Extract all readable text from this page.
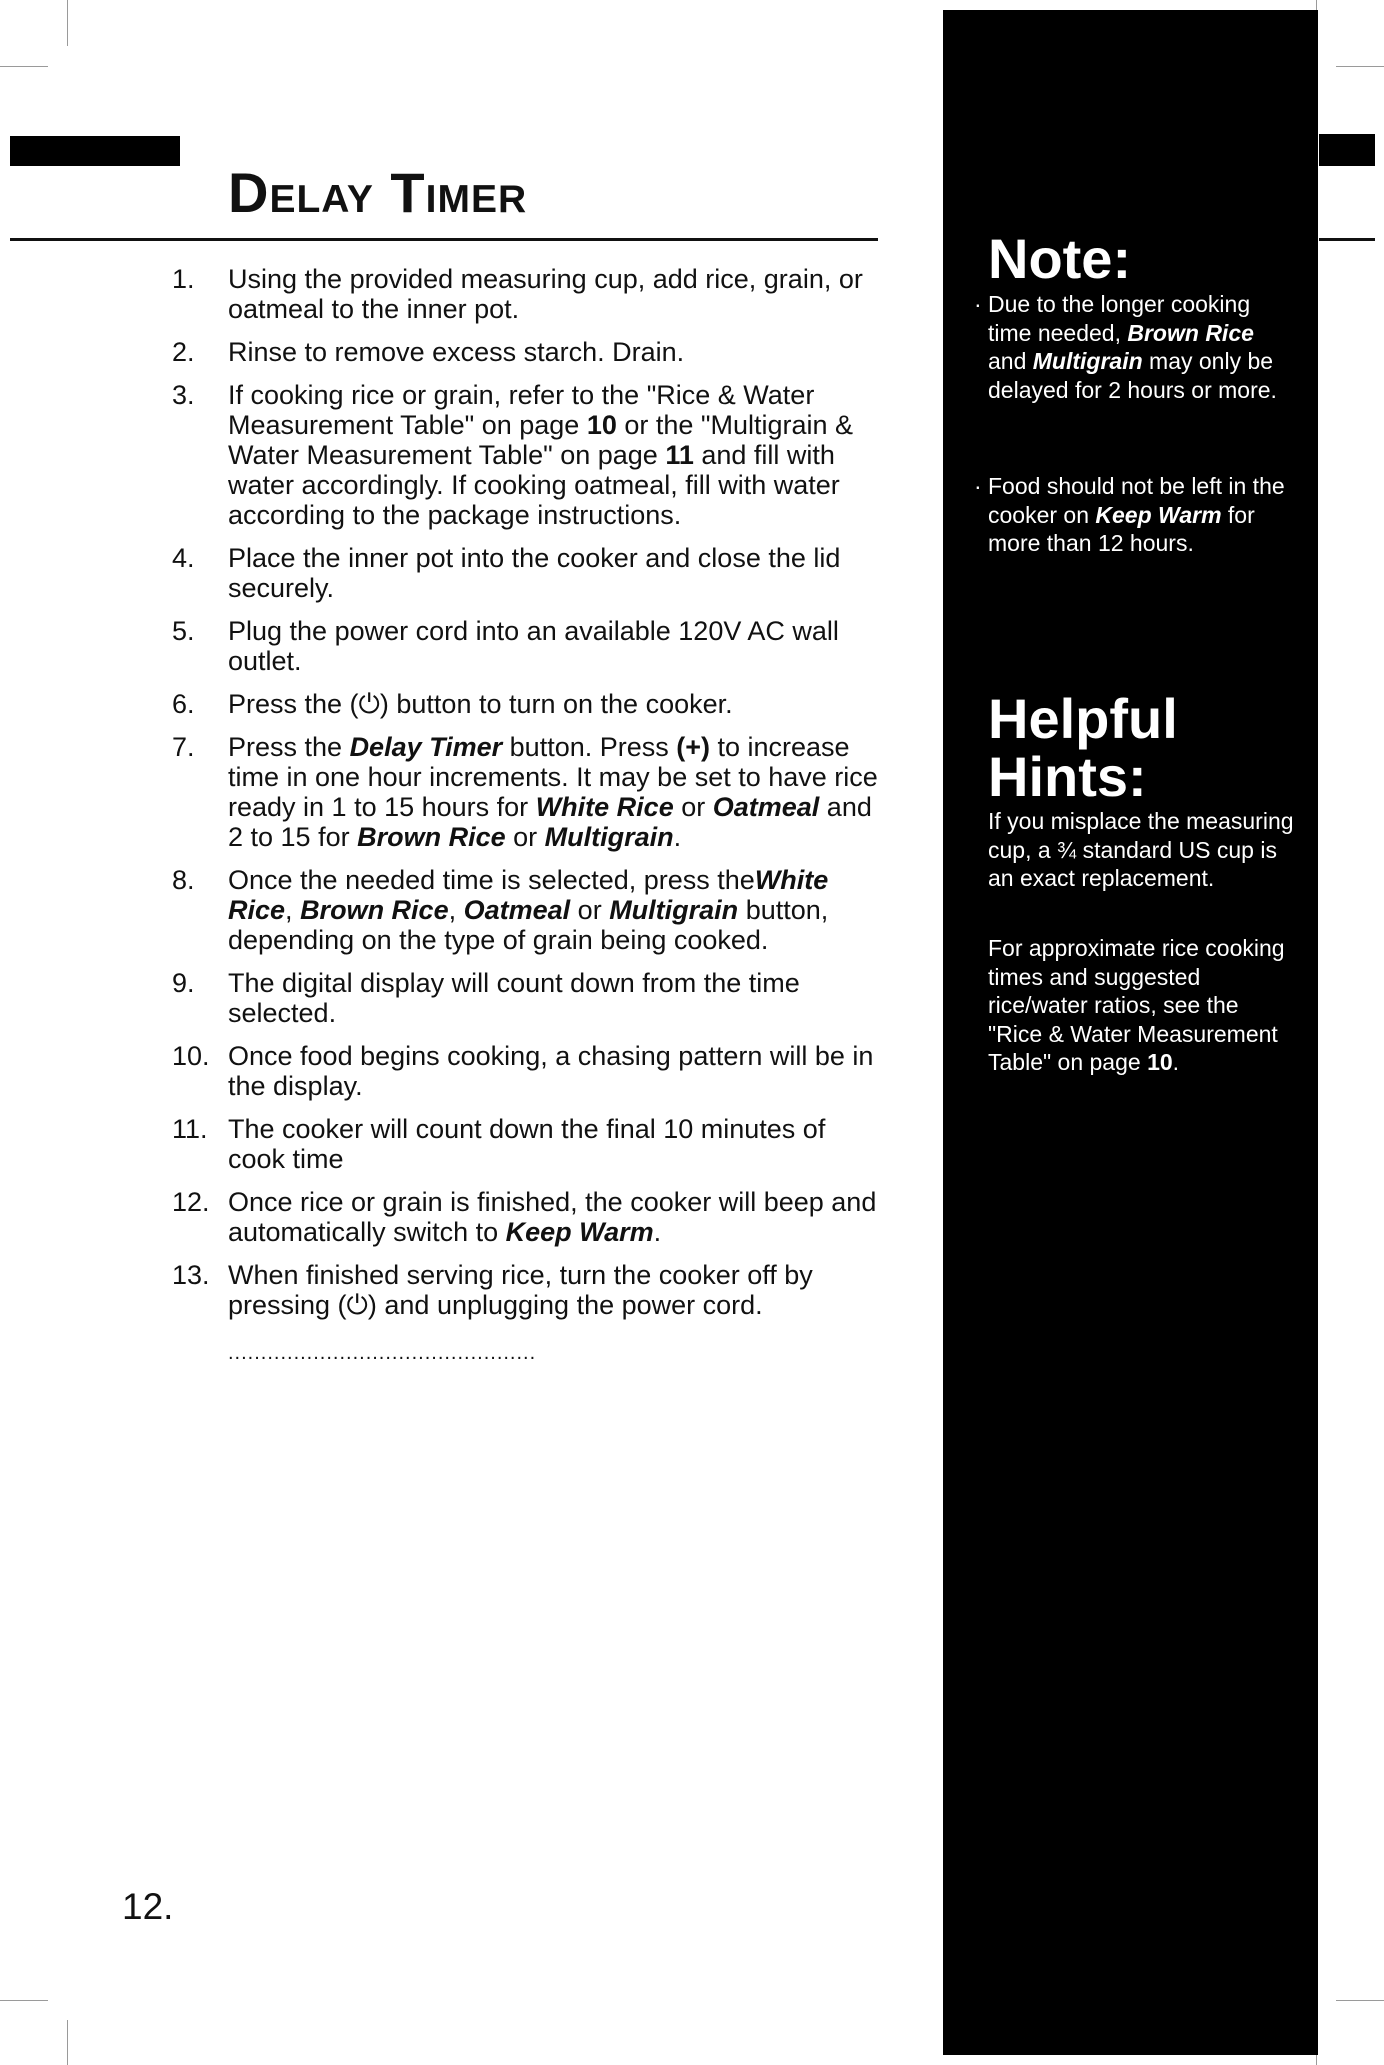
Delay Timer
1. Using the provided measuring cup, add rice, grain, or oatmeal to the inner pot.
2. Rinse to remove excess starch. Drain.
3. If cooking rice or grain, refer to the "Rice & Water Measurement Table" on page 10 or the "Multigrain & Water Measurement Table" on page 11 and fill with water accordingly. If cooking oatmeal, fill with water according to the package instructions.
4. Place the inner pot into the cooker and close the lid securely.
5. Plug the power cord into an available 120V AC wall outlet.
6. Press the (⏻) button to turn on the cooker.
7. Press the Delay Timer button. Press (+) to increase time in one hour increments. It may be set to have rice ready in 1 to 15 hours for White Rice or Oatmeal and 2 to 15 for Brown Rice or Multigrain.
8. Once the needed time is selected, press theWhite Rice, Brown Rice, Oatmeal or Multigrain button, depending on the type of grain being cooked.
9. The digital display will count down from the time selected.
10. Once food begins cooking, a chasing pattern will be in the display.
11. The cooker will count down the final 10 minutes of cook time
12. Once rice or grain is finished, the cooker will beep and automatically switch to Keep Warm.
13. When finished serving rice, turn the cooker off by pressing (⏻) and unplugging the power cord.
...............................................
12.
Note:
· Due to the longer cooking time needed, Brown Rice and Multigrain may only be delayed for 2 hours or more.
· Food should not be left in the cooker on Keep Warm for more than 12 hours.
Helpful
Hints:
If you misplace the measuring cup, a ¾ standard US cup is an exact replacement.
For approximate rice cooking times and suggested rice/water ratios, see the "Rice & Water Measurement Table" on page 10.
